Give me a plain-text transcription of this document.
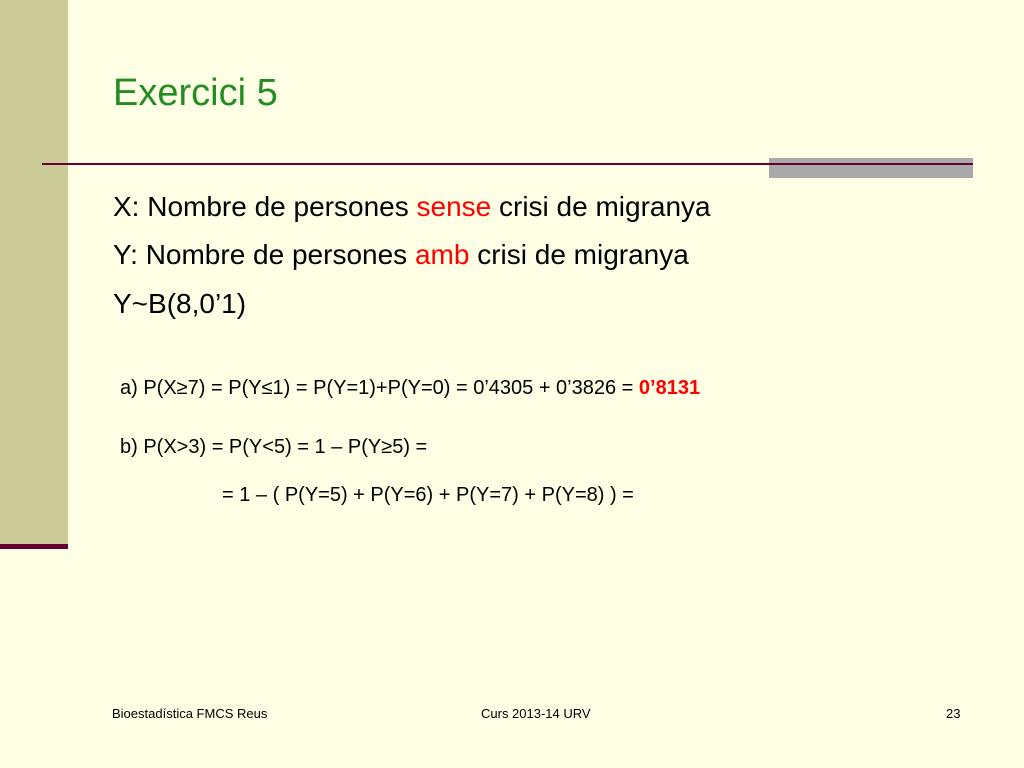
Exercici 5
X: Nombre de persones sense crisi de migranya
Y: Nombre de persones amb crisi de migranya
Y~B(8,0’1)
a) P(X≥7) = P(Y≤1) = P(Y=1)+P(Y=0) = 0’4305 + 0’3826 = 0’8131
b) P(X>3) = P(Y<5) = 1 – P(Y≥5) =
= 1 – ( P(Y=5) + P(Y=6) + P(Y=7) + P(Y=8) ) =
Bioestadística FMCS Reus	Curs 2013-14 URV	23
